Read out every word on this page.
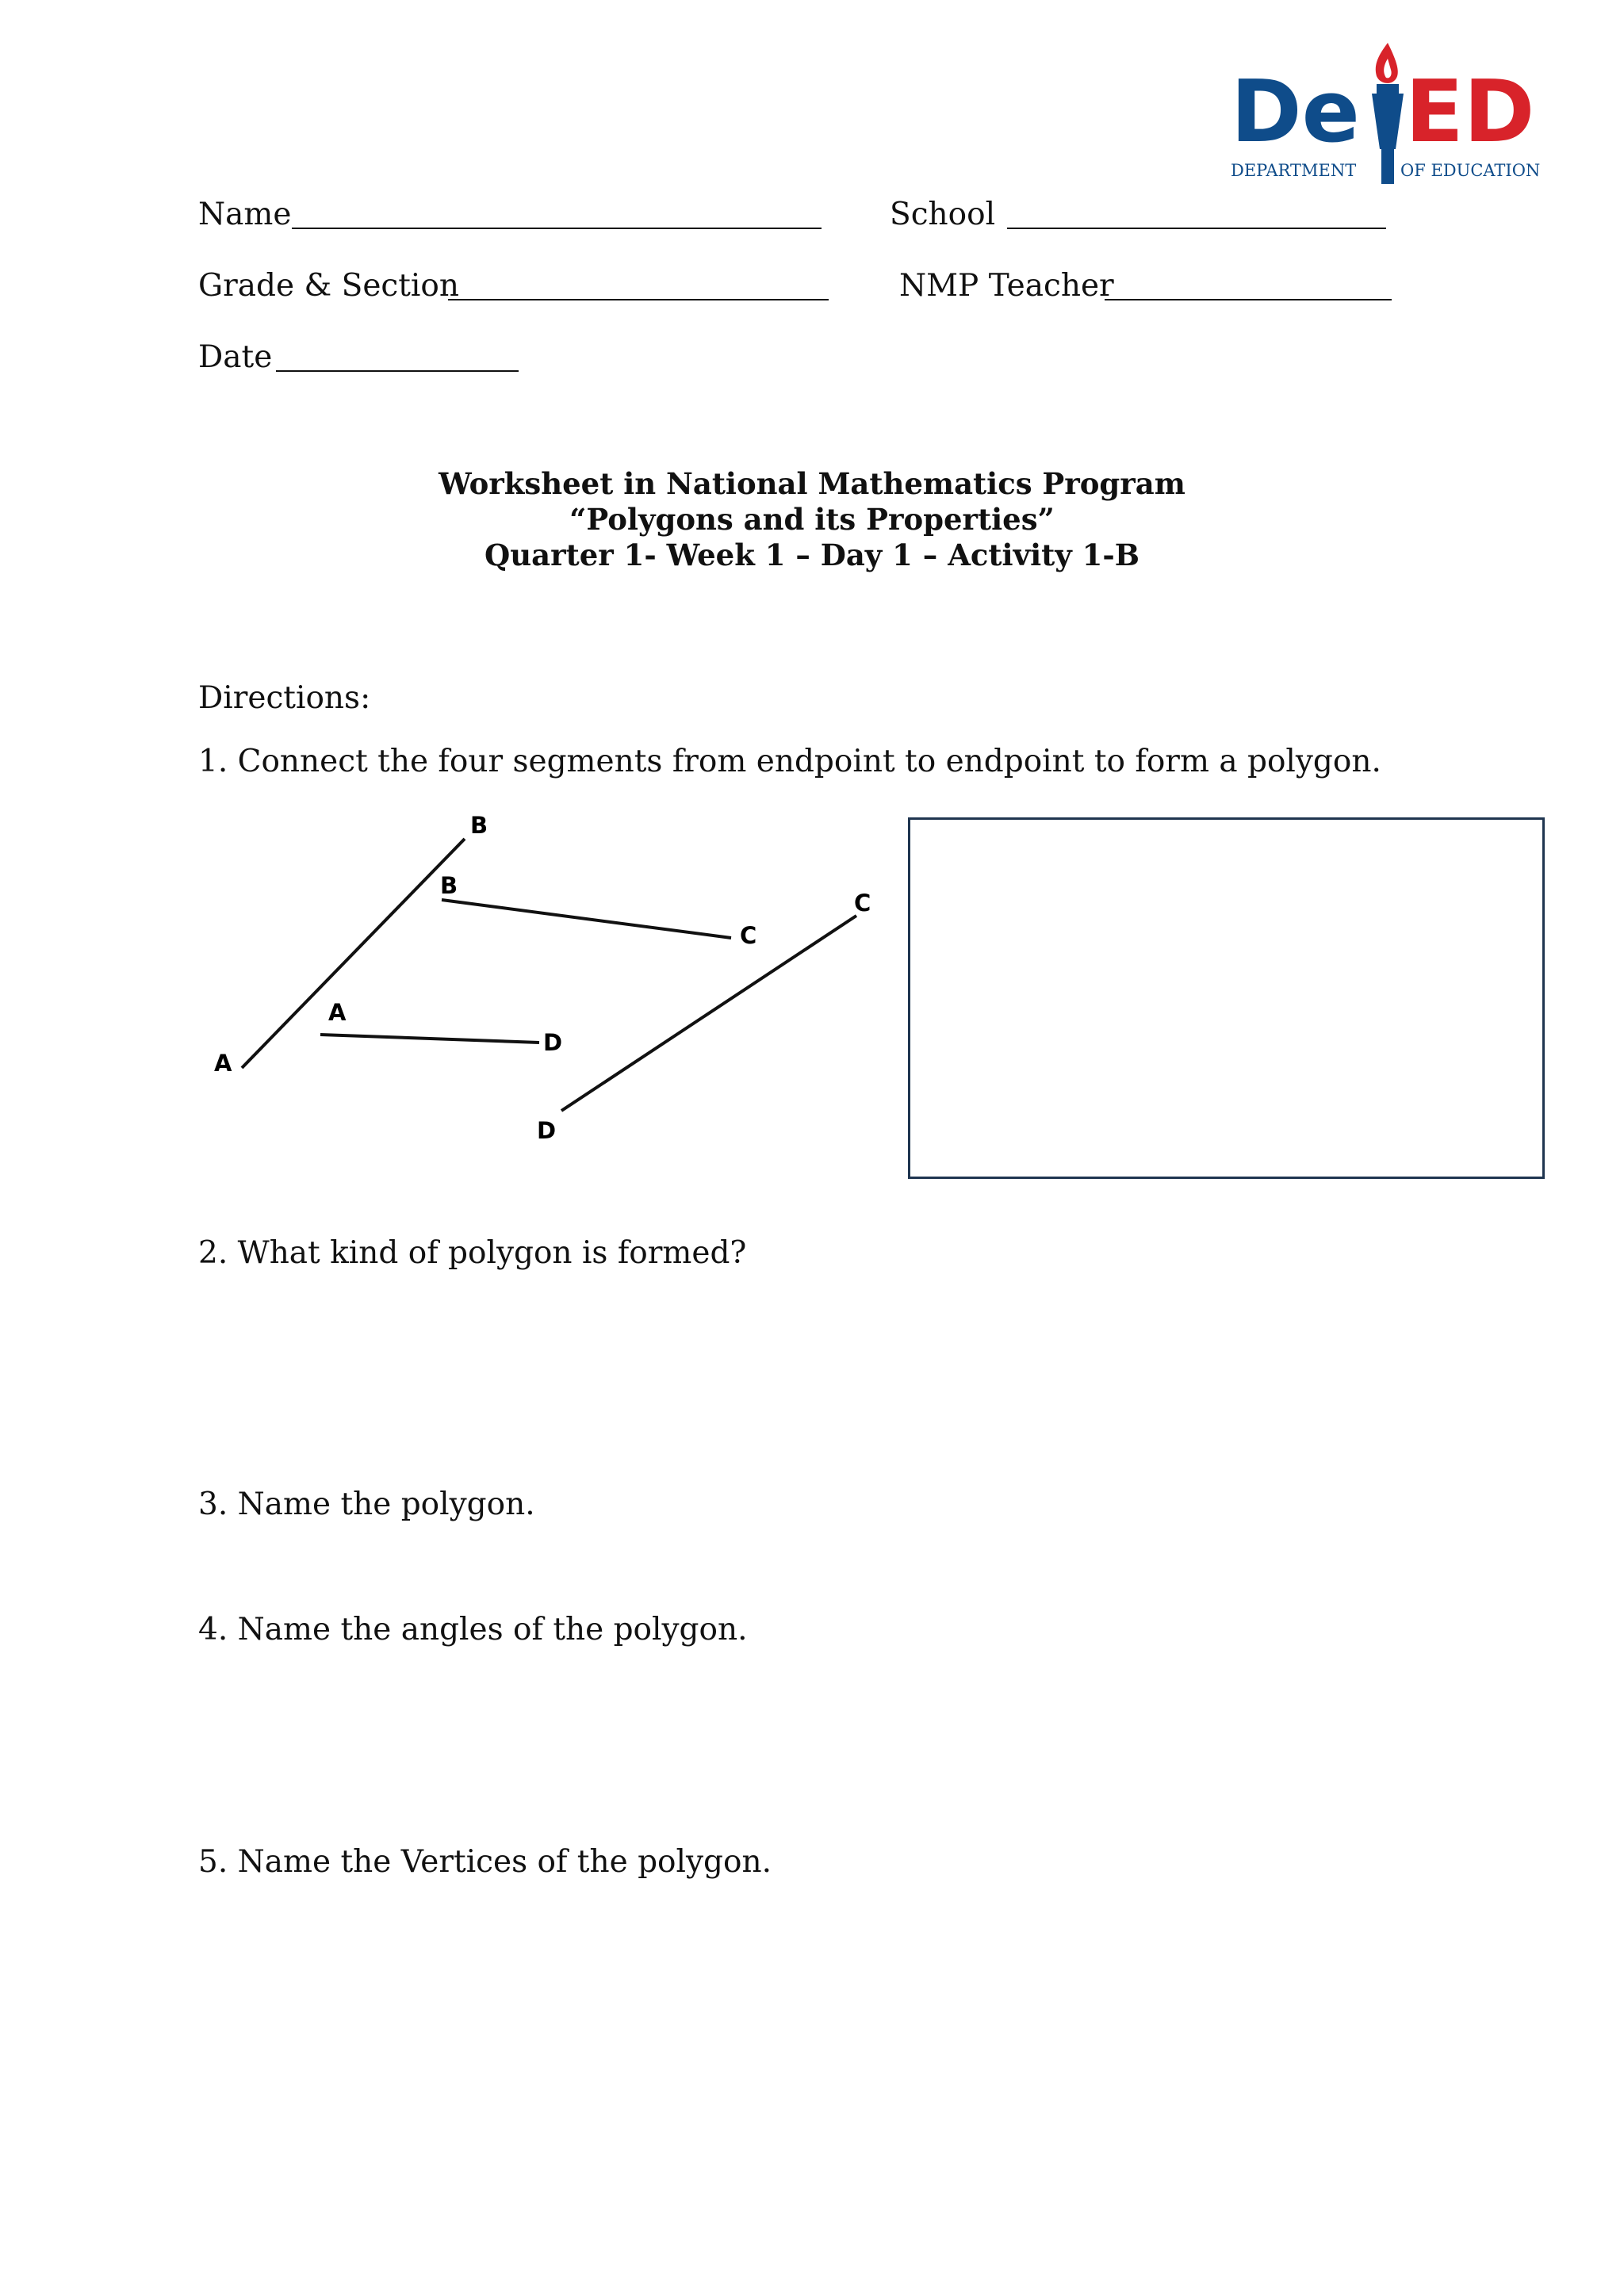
De ED
DEPARTMENT	OF EDUCATION
Name	School
Grade & Section	NMP Teacher
Date
Worksheet in National Mathematics Program
“Polygons and its Properties”
Quarter 1- Week 1 – Day 1 – Activity 1-B
Directions:
1. Connect the four segments from endpoint to endpoint to form a polygon.
A
B
B
C
A
D
D
C
2. What kind of polygon is formed?
3. Name the polygon.
4. Name the angles of the polygon.
5. Name the Vertices of the polygon.
